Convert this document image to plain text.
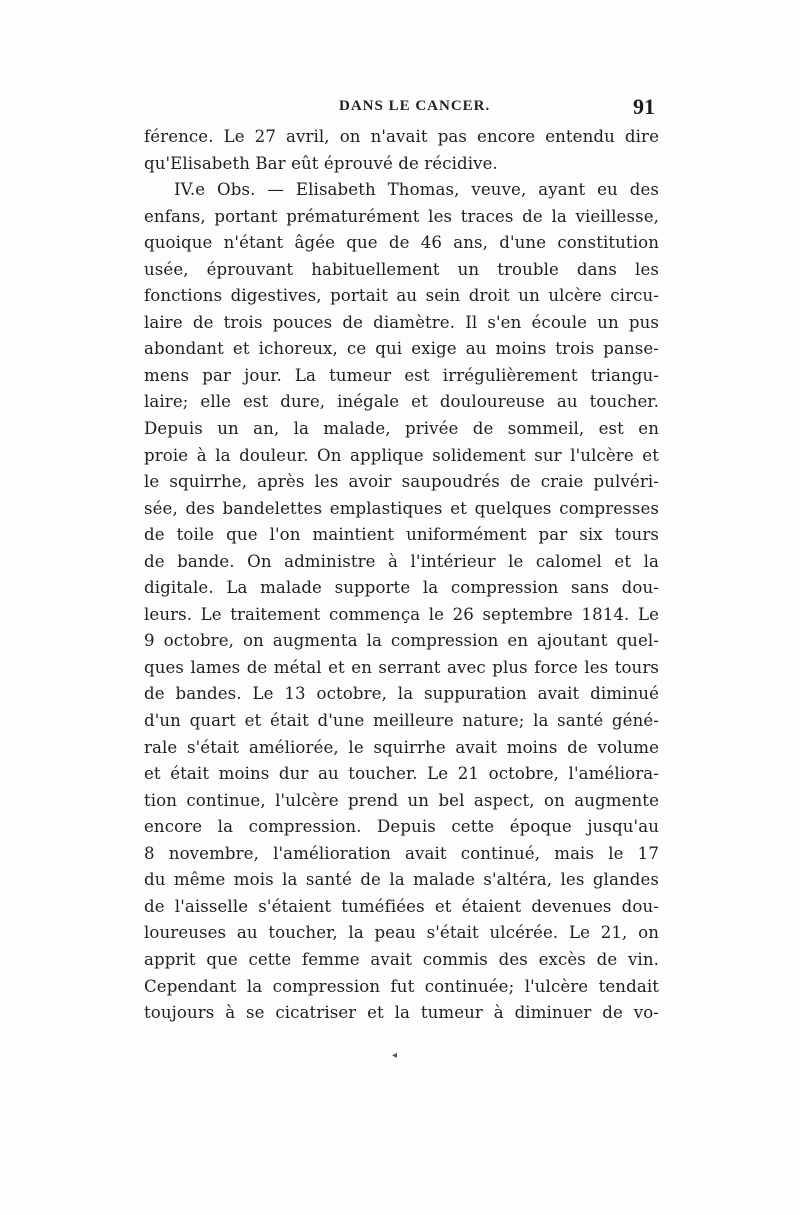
DANS LE CANCER.	91
férence. Le 27 avril, on n'avait pas encore entendu dire
qu'Elisabeth Bar eût éprouvé de récidive.
IV.e Obs. — Elisabeth Thomas, veuve, ayant eu des
enfans, portant prématurément les traces de la vieillesse,
quoique n'étant âgée que de 46 ans, d'une constitution
usée, éprouvant habituellement un trouble dans les
fonctions digestives, portait au sein droit un ulcère circu-
laire de trois pouces de diamètre. Il s'en écoule un pus
abondant et ichoreux, ce qui exige au moins trois panse-
mens par jour. La tumeur est irrégulièrement triangu-
laire; elle est dure, inégale et douloureuse au toucher.
Depuis un an, la malade, privée de sommeil, est en
proie à la douleur. On applique solidement sur l'ulcère et
le squirrhe, après les avoir saupoudrés de craie pulvéri-
sée, des bandelettes emplastiques et quelques compresses
de toile que l'on maintient uniformément par six tours
de bande. On administre à l'intérieur le calomel et la
digitale. La malade supporte la compression sans dou-
leurs. Le traitement commença le 26 septembre 1814. Le
9 octobre, on augmenta la compression en ajoutant quel-
ques lames de métal et en serrant avec plus force les tours
de bandes. Le 13 octobre, la suppuration avait diminué
d'un quart et était d'une meilleure nature; la santé géné-
rale s'était améliorée, le squirrhe avait moins de volume
et était moins dur au toucher. Le 21 octobre, l'améliora-
tion continue, l'ulcère prend un bel aspect, on augmente
encore la compression. Depuis cette époque jusqu'au
8 novembre, l'amélioration avait continué, mais le 17
du même mois la santé de la malade s'altéra, les glandes
de l'aisselle s'étaient tuméfiées et étaient devenues dou-
loureuses au toucher, la peau s'était ulcérée. Le 21, on
apprit que cette femme avait commis des excès de vin.
Cependant la compression fut continuée; l'ulcère tendait
toujours à se cicatriser et la tumeur à diminuer de vo-
◂
